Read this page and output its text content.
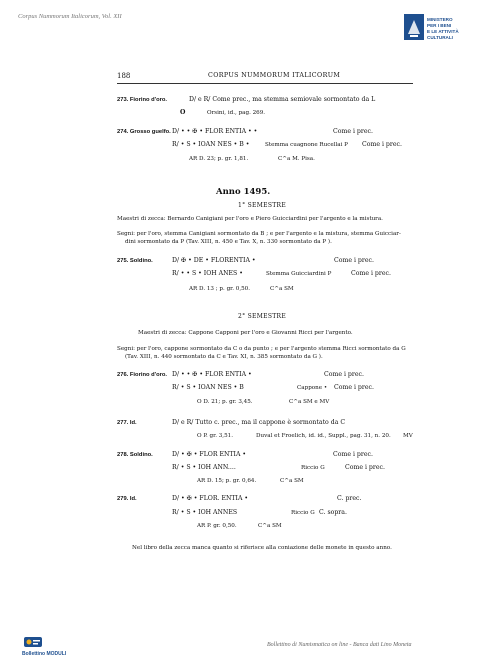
Corpus Nummorum Italicorum, Vol. XII	MINISTERO
PER I BENI
E LE ATTIVITÀ
CULTURALI
188	CORPUS NUMMORUM ITALICORUM
273. Fiorino d'oro.	D/ e R/ Come prec., ma stemma semiovale sormontato da L
O	Orsini, id., pag. 269.
274. Grosso guelfo. D/ • • ✠ • FLOR ENTIA • •	Come i prec.
R/ • S • IOAN NES • B •	Stemma cuagnone Rucellai P Come i prec.
AR D. 23; p. gr. 1,81.	C^a M. Pisa.
Anno 1495.
1° SEMESTRE
Maestri di zecca: Bernardo Canigiani per l'oro e Piero Guicciardini per l'argento e la mistura.
Segni: per l'oro, stemma Canigiani sormontato da B ; e per l'argento e la mistura, stemma Guicciar-
dini sormontato da P (Tav. XIII, n. 450 e Tav. X, n. 330 sormontato da P ).
275. Soldino.	D/ ✠ • DE • FLORENTIA •	Come i prec.
R/ • • S • IOH ANES •	Stemma Guicciardini P	Come i prec.
AR D. 13 ; p. gr. 0,50.	C^a SM
2° SEMESTRE
Maestri di zecca: Cappone Capponi per l'oro e Giovanni Ricci per l'argento.
Segni: per l'oro, cappone sormontato da C o da punto ; e per l'argento stemma Ricci sormontato da G
(Tav. XIII, n. 440 sormontato da C e Tav. XI, n. 385 sormontato da G ).
276. Fiorino d'oro. D/ • • ✠ • FLOR ENTIA •	Come i prec.
R/ • S • IOAN NES • B	Cappone • Come i prec.
O D. 21; p. gr. 3,45.	C^a SM e MV
277. Id.	D/ e R/ Tutto c. prec., ma il cappone è sormontato da C
O P. gr. 3,51.	Duval et Froelich, id. id., Suppl., pag. 31, n. 20. MV
278. Soldino.	D/ • ✠ • FLOR ENTIA •	Come i prec.
R/ • S • IOH ANN....	Riccio G	Come i prec.
AR D. 15; p. gr. 0,64.	C^a SM
279. Id.	D/ • ✠ • FLOR. ENTIA •	C. prec.
R/ • S • IOH ANNES	Riccio G C. sopra.
AR P. gr. 0,50.	C^a SM
Nel libro della zecca manca quanto si riferisce alla coniazione delle monete in questo anno.
Bollettino MODULI
Bollettino di Numismatica on line - Banca dati Lino Moneta
